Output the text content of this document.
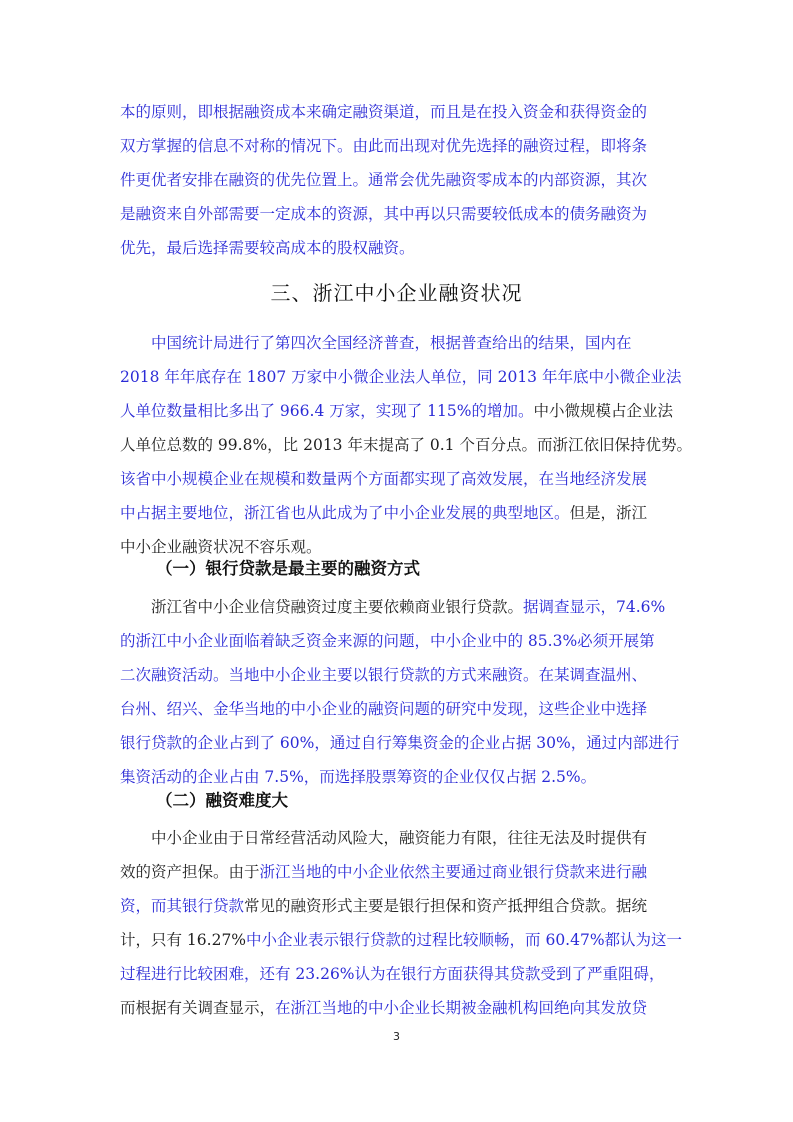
本的原则，即根据融资成本来确定融资渠道，而且是在投入资金和获得资金的
双方掌握的信息不对称的情况下。由此而出现对优先选择的融资过程，即将条
件更优者安排在融资的优先位置上。通常会优先融资零成本的内部资源，其次
是融资来自外部需要一定成本的资源，其中再以只需要较低成本的债务融资为
优先，最后选择需要较高成本的股权融资。
三、浙江中小企业融资状况
　　中国统计局进行了第四次全国经济普查，根据普查给出的结果，国内在
2018 年年底存在 1807 万家中小微企业法人单位，同 2013 年年底中小微企业法
人单位数量相比多出了 966.4 万家，实现了 115%的增加。中小微规模占企业法
人单位总数的 99.8%，比 2013 年末提高了 0.1 个百分点。而浙江依旧保持优势。
该省中小规模企业在规模和数量两个方面都实现了高效发展，在当地经济发展
中占据主要地位，浙江省也从此成为了中小企业发展的典型地区。但是，浙江
中小企业融资状况不容乐观。
（一）银行贷款是最主要的融资方式
　　浙江省中小企业信贷融资过度主要依赖商业银行贷款。据调查显示，74.6%
的浙江中小企业面临着缺乏资金来源的问题，中小企业中的 85.3%必须开展第
二次融资活动。当地中小企业主要以银行贷款的方式来融资。在某调查温州、
台州、绍兴、金华当地的中小企业的融资问题的研究中发现，这些企业中选择
银行贷款的企业占到了 60%，通过自行筹集资金的企业占据 30%，通过内部进行
集资活动的企业占由 7.5%，而选择股票筹资的企业仅仅占据 2.5%。
（二）融资难度大
　　中小企业由于日常经营活动风险大，融资能力有限，往往无法及时提供有
效的资产担保。由于浙江当地的中小企业依然主要通过商业银行贷款来进行融
资，而其银行贷款常见的融资形式主要是银行担保和资产抵押组合贷款。据统
计，只有 16.27%中小企业表示银行贷款的过程比较顺畅，而 60.47%都认为这一
过程进行比较困难，还有 23.26%认为在银行方面获得其贷款受到了严重阻碍，
而根据有关调查显示，在浙江当地的中小企业长期被金融机构回绝向其发放贷
3
